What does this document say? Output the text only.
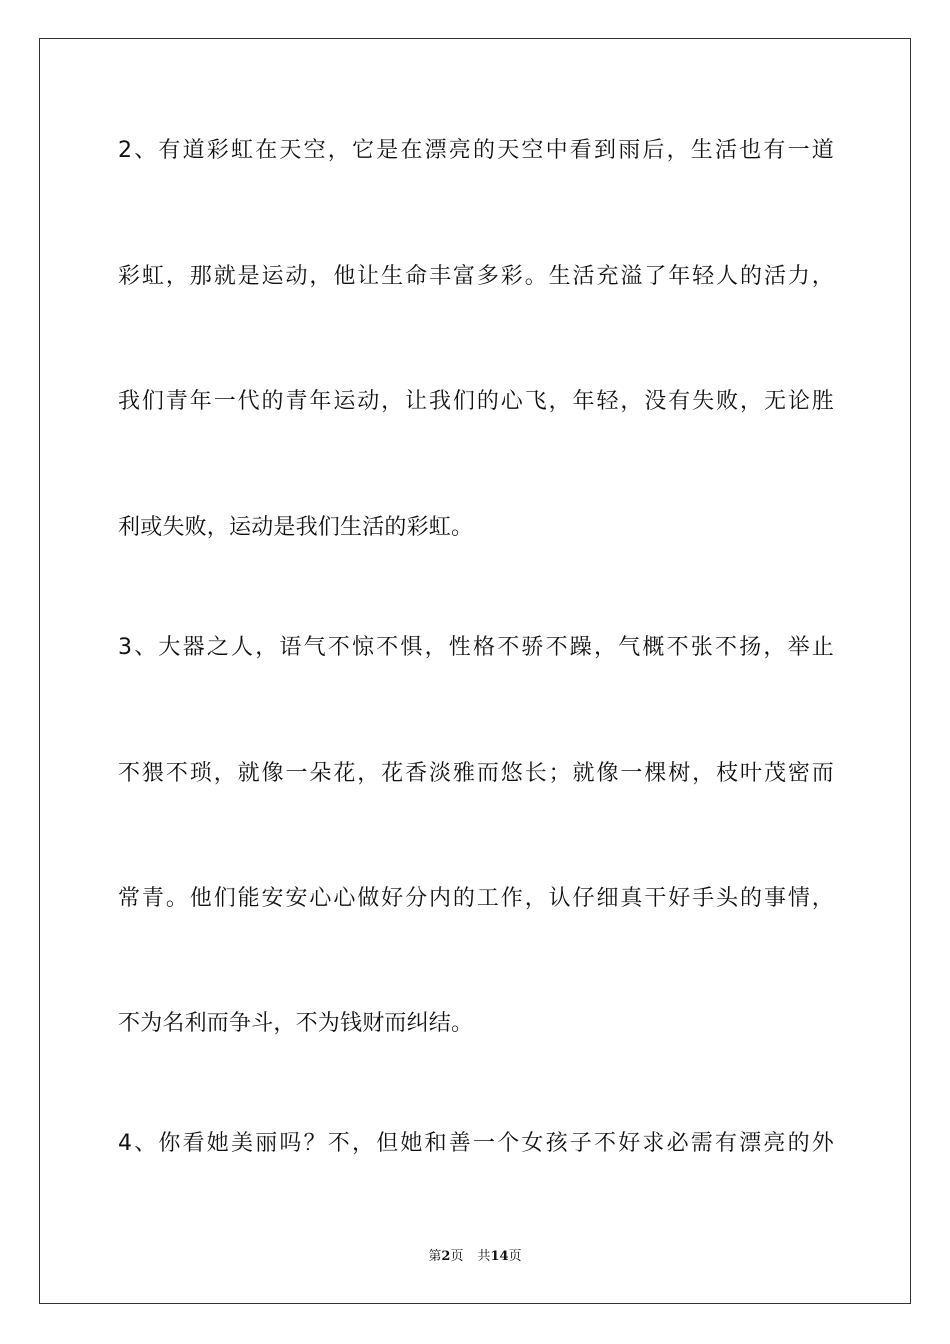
2、有道彩虹在天空，它是在漂亮的天空中看到雨后，生活也有一道
彩虹，那就是运动，他让生命丰富多彩。生活充溢了年轻人的活力，
我们青年一代的青年运动，让我们的心飞，年轻，没有失败，无论胜
利或失败，运动是我们生活的彩虹。
3、大器之人，语气不惊不惧，性格不骄不躁，气概不张不扬，举止
不猥不琐，就像一朵花，花香淡雅而悠长；就像一棵树，枝叶茂密而
常青。他们能安安心心做好分内的工作，认仔细真干好手头的事情，
不为名利而争斗，不为钱财而纠结。
4、你看她美丽吗？不，但她和善一个女孩子不好求必需有漂亮的外
第2页 共14页
